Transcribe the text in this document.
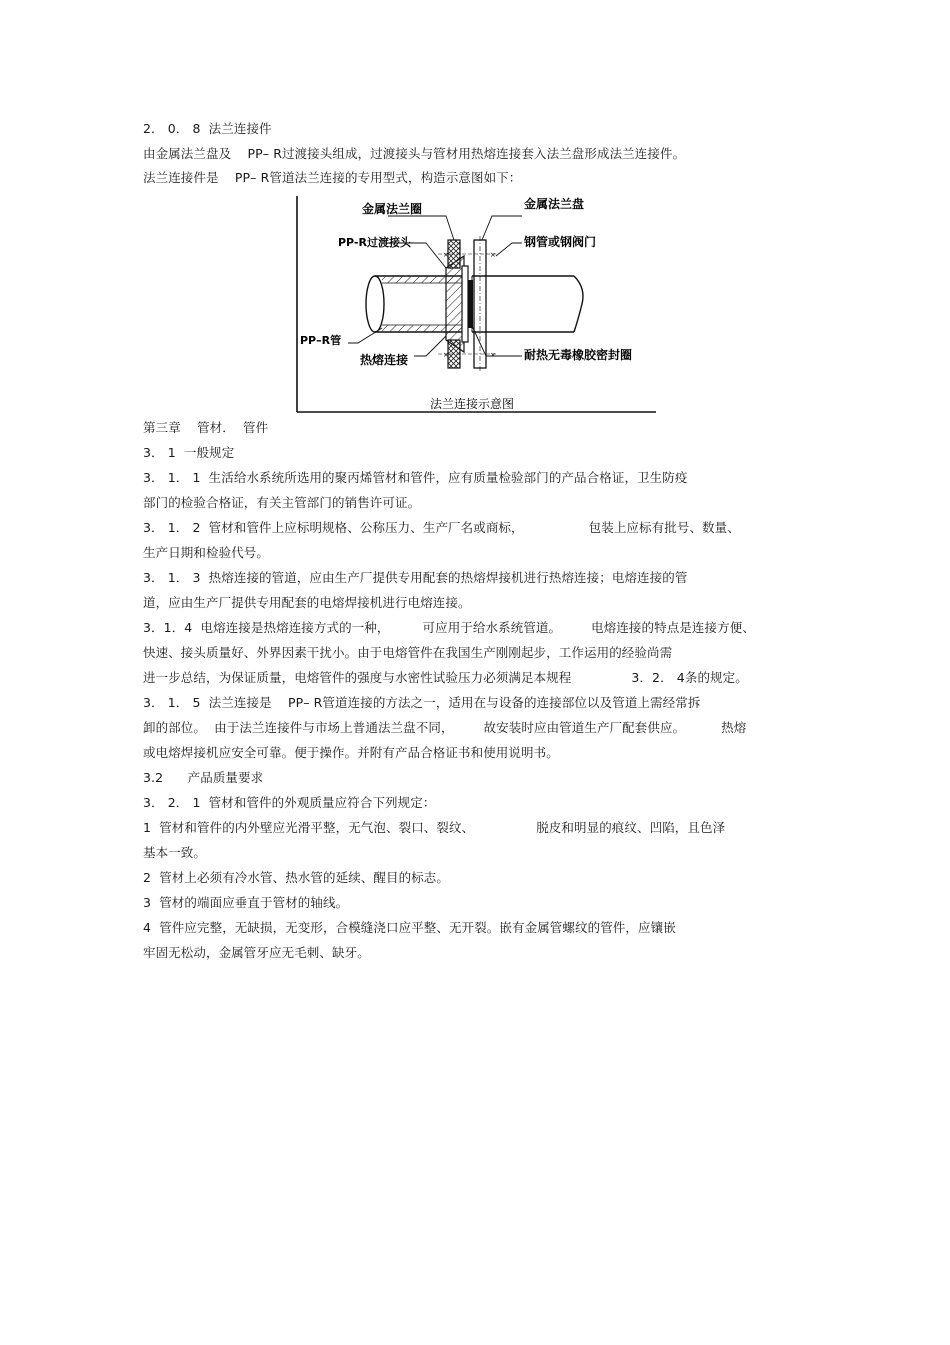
2． 0． 8  法兰连接件
由金属法兰盘及    PP– R过渡接头组成，过渡接头与管材用热熔连接套入法兰盘形成法兰连接件。
法兰连接件是    PP– R管道法兰连接的专用型式，构造示意图如下：
×	×
×	×
金属法兰圈	金属法兰盘
PP-R过渡接头	钢管或钢阀门
PP–R管
热熔连接	耐热无毒橡胶密封圈
法兰连接示意图
第三章    管材．  管件
3． 1  一般规定
3． 1． 1  生活给水系统所选用的聚丙烯管材和管件，应有质量检验部门的产品合格证，卫生防疫
部门的检验合格证，有关主管部门的销售许可证。
3． 1． 2  管材和管件上应标明规格、公称压力、生产厂名或商标，	包装上应标有批号、数量、
生产日期和检验代号。
3． 1． 3  热熔连接的管道，应由生产厂提供专用配套的热熔焊接机进行热熔连接；电熔连接的管
道，应由生产厂提供专用配套的电熔焊接机进行电熔连接。
3．1．4  电熔连接是热熔连接方式的一种，	可应用于给水系统管道。 电熔连接的特点是连接方便、
快速、接头质量好、外界因素干扰小。由于电熔管件在我国生产刚刚起步，工作运用的经验尚需
进一步总结，为保证质量，电熔管件的强度与水密性试验压力必须满足本规程	3．2． 4条的规定。
3． 1． 5  法兰连接是    PP– R管道连接的方法之一，适用在与设备的连接部位以及管道上需经常拆
卸的部位。  由于法兰连接件与市场上普通法兰盘不同， 故安装时应由管道生产厂配套供应。	热熔
或电熔焊接机应安全可靠。便于操作。并附有产品合格证书和使用说明书。
3.2      产品质量要求
3． 2． 1  管材和管件的外观质量应符合下列规定：
1  管材和管件的内外壁应光滑平整，无气泡、裂口、裂纹、	脱皮和明显的痕纹、凹陷，且色泽
基本一致。
2  管材上必须有冷水管、热水管的延续、醒目的标志。
3  管材的端面应垂直于管材的轴线。
4  管件应完整，无缺损，无变形，合模缝浇口应平整、无开裂。嵌有金属管螺纹的管件，应镶嵌
牢固无松动，金属管牙应无毛刺、缺牙。
